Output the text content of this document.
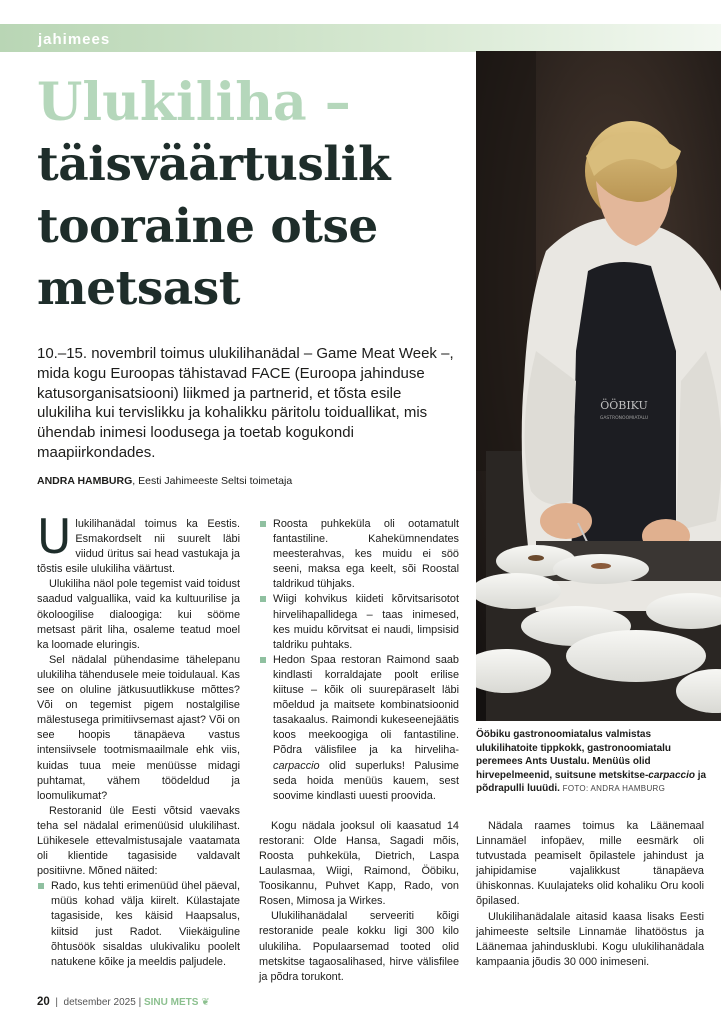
jahimees
Ulukiliha –
täisväärtuslik
tooraine otse
metsast

10.–15. novembril toimus ulukilihanädal – Game Meat Week –, mida kogu Euroopas tähistavad FACE (Euroopa jahinduse katusorganisatsiooni) liikmed ja partnerid, et tõsta esile ulukiliha kui tervislikku ja kohalikku päritolu toiduallikat, mis ühendab inimesi loodusega ja toetab kogukondi maapiirkondades.

ANDRA HAMBURG, Eesti Jahimeeste Seltsi toimetaja

Ulukilihanädal toimus ka Eestis. Esmakordselt nii suurelt läbi viidud üritus sai head vastukaja ja tõstis esile ulukiliha väärtust.

Ulukiliha näol pole tegemist vaid toidust saadud valguallika, vaid ka kultuurilise ja ökoloogilise dialoogiga: kui sööme metsast pärit liha, osaleme teatud moel ka loomade eluringis.

Sel nädalal pühendasime tähelepanu ulukiliha tähendusele meie toidulaual. Kas see on oluline jätkusuutlikkuse mõttes? Või on tegemist pigem nostalgilise mälestusega primitiivsemast ajast? Või on see hoopis tänapäeva vastus intensiivsele tootmismaailmale ehk viis, kuidas tuua meie menüüsse midagi puhtamat, vähem töödeldud ja loomulikumat?

Restoranid üle Eesti võtsid vaevaks teha sel nädalal erimenüüsid ulukilihast. Lühikesele ettevalmistusajale vaatamata oli klientide tagasiside valdavalt positiivne. Mõned näited:

Rado, kus tehti erimenüüd ühel päeval, müüs kohad välja kiirelt. Külastajate tagasiside, kes käisid Haapsalus, kiitsid just Radot. Viiekäiguline õhtusöök sisaldas ulukivaliku poolelt natukene kõike ja meeldis paljudele.
Roosta puhkeküla oli ootamatult fantastiline. Kahekümnendates meesterahvas, kes muidu ei söö seeni, maksa ega keelt, sõi Roostal taldrikud tühjaks.
Wiigi kohvikus kiideti kõrvitsarisotot hirvelihapallidega – taas inimesed, kes muidu kõrvitsat ei naudi, limpsisid taldriku puhtaks.
Hedon Spaa restoran Raimond saab kindlasti korraldajate poolt erilise kiituse – kõik oli suurepäraselt läbi mõeldud ja maitsete kombinatsioonid tasakaalus. Raimondi kukeseenejäätis koos meekoogiga oli fantastiline. Põdra välisfilee ja ka hirveliha-carpaccio olid superluks! Palusime seda hoida menüüs kauem, sest soovime kindlasti uuesti proovida.

Kogu nädala jooksul oli kaasatud 14 restorani: Olde Hansa, Sagadi mõis, Roosta puhkeküla, Dietrich, Laspa Laulasmaa, Wiigi, Raimond, Ööbiku, Toosikannu, Puhvet Kapp, Rado, von Rosen, Mimosa ja Wirkes.

Ulukilihanädalal serveeriti kõigi restoranide peale kokku ligi 300 kilo ulukiliha. Populaarsemad tooted olid metskitse tagaosalihased, hirve välisfilee ja põdra torukont.

ÖÖBIKU
GASTRONOOMIATALU

Ööbiku gastronoomiatalus valmistas ulukilihatoite tippkokk, gastronoomiatalu peremees Ants Uustalu. Menüüs olid hirvepelmeenid, suitsune metskitse-carpaccio ja põdrapulli luuüdi. FOTO: ANDRA HAMBURG

Nädala raames toimus ka Läänemaal Linnamäel infopäev, mille eesmärk oli tutvustada peamiselt õpilastele jahindust ja jahipidamise vajalikkust tänapäeva ühiskonnas. Kuulajateks olid kohaliku Oru kooli õpilased.

Ulukilihanädalale aitasid kaasa lisaks Eesti jahimeeste seltsile Linnamäe lihatööstus ja Läänemaa jahindusklubi. Kogu ulukilihanädala kampaania jõudis 30 000 inimeseni.

20  |  detsember 2025 | SINU METS ❦
